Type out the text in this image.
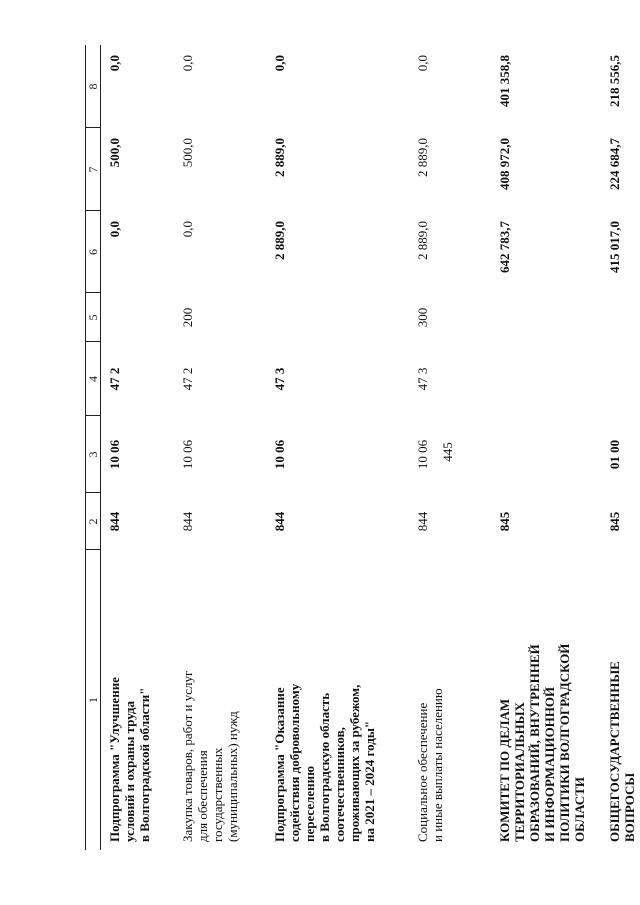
445
1
2
3
4
5
6
7
8
Подпрограмма "Улучшение
условий и охраны труда
в Волгоградской области"
844
10 06
47 2
0,0
500,0
0,0
Закупка товаров, работ и услуг
для обеспечения
государственных
(муниципальных) нужд
844
10 06
47 2
200
0,0
500,0
0,0
Подпрограмма "Оказание
содействия добровольному
переселению
в Волгоградскую область
соотечественников,
проживающих за рубежом,
на 2021 – 2024 годы"
844
10 06
47 3
2 889,0
2 889,0
0,0
Социальное обеспечение
и иные выплаты населению
844
10 06
47 3
300
2 889,0
2 889,0
0,0
КОМИТЕТ ПО ДЕЛАМ
ТЕРРИТОРИАЛЬНЫХ
ОБРАЗОВАНИЙ, ВНУТРЕННЕЙ
И ИНФОРМАЦИОННОЙ
ПОЛИТИКИ ВОЛГОГРАДСКОЙ
ОБЛАСТИ
845
642 783,7
408 972,0
401 358,8
ОБЩЕГОСУДАРСТВЕННЫЕ
ВОПРОСЫ
845
01 00
415 017,0
224 684,7
218 556,5
